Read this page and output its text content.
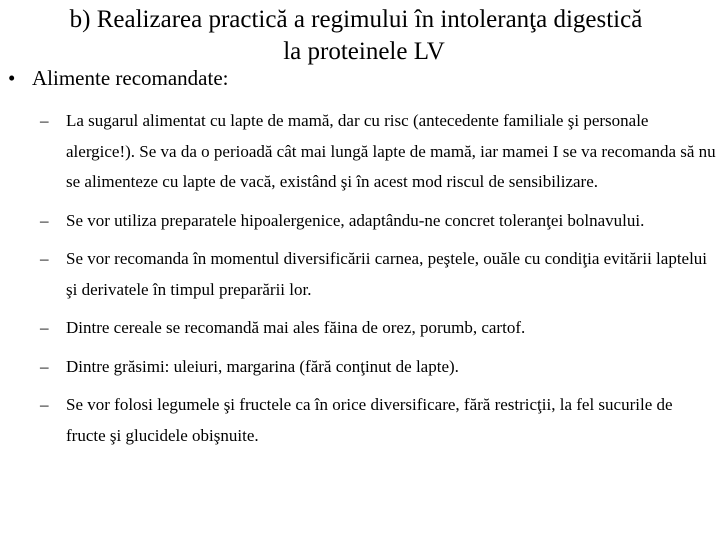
b) Realizarea practică a regimului în intoleranţa digestică
la proteinele LV
• Alimente recomandate:
– La sugarul alimentat cu lapte de mamă, dar cu risc (antecedente familiale şi personale alergice!). Se va da o perioadă cât mai lungă lapte de mamă, iar mamei I se va recomanda să nu se alimenteze cu lapte de vacă, existând şi în acest mod riscul de sensibilizare.
– Se vor utiliza preparatele hipoalergenice, adaptându-ne concret toleranţei bolnavului.
– Se vor recomanda în momentul diversificării carnea, peştele, ouăle cu condiţia evitării laptelui şi derivatele în timpul preparării lor.
– Dintre cereale se recomandă mai ales făina de orez, porumb, cartof.
– Dintre grăsimi: uleiuri, margarina (fără conţinut de lapte).
– Se vor folosi legumele şi fructele ca în orice diversificare, fără restricţii, la fel sucurile de fructe şi glucidele obişnuite.
